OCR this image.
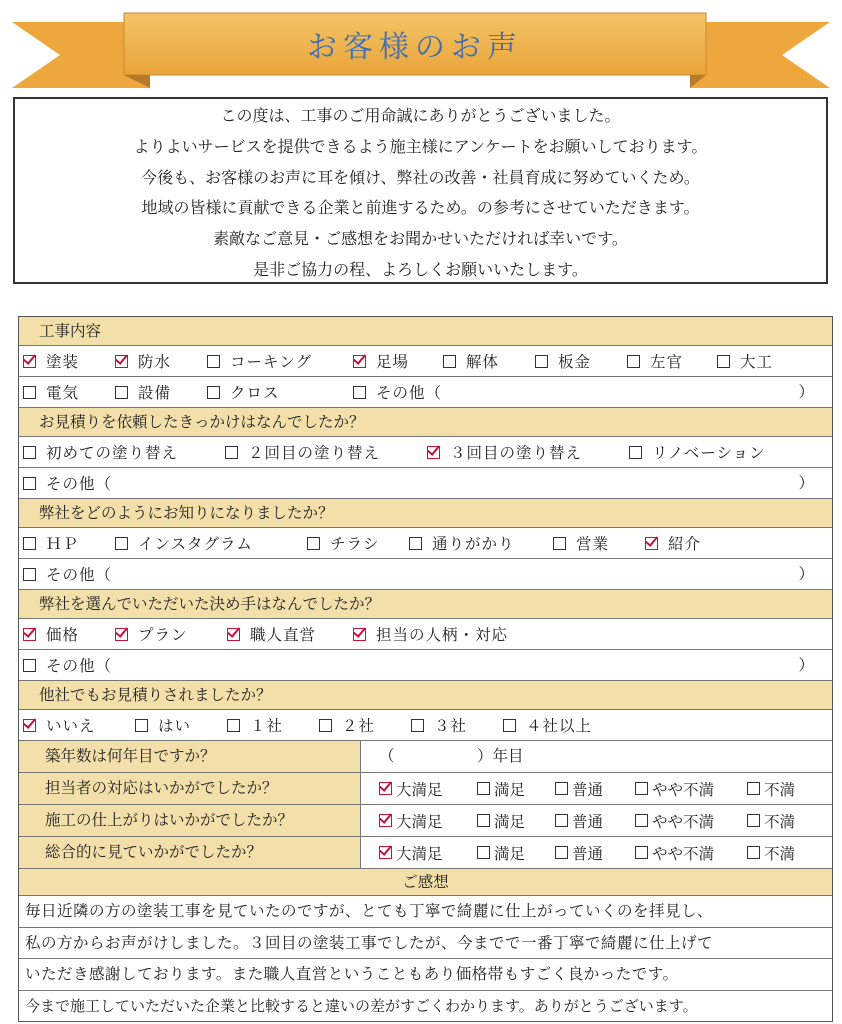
お客様のお声
この度は、工事のご用命誠にありがとうございました。
よりよいサービスを提供できるよう施主様にアンケートをお願いしております。
今後も、お客様のお声に耳を傾け、弊社の改善・社員育成に努めていくため。
地域の皆様に貢献できる企業と前進するため。の参考にさせていただきます。
素敵なご意見・ご感想をお聞かせいただければ幸いです。
是非ご協力の程、よろしくお願いいたします。
工事内容
塗装	防水	コーキング	足場	解体	板金	左官	大工
電気	設備	クロス	その他（	）
お見積りを依頼したきっかけはなんでしたか？
初めての塗り替え	２回目の塗り替え	３回目の塗り替え	リノベーション
その他（	）
弊社をどのようにお知りになりましたか？
ＨＰ	インスタグラム	チラシ	通りがかり	営業	紹介
その他（	）
弊社を選んでいただいた決め手はなんでしたか？
価格	プラン	職人直営	担当の人柄・対応
その他（	）
他社でもお見積りされましたか？
いいえ	はい	１社	２社	３社	４社以上
築年数は何年目ですか？	（	）年目
担当者の対応はいかがでしたか？	大満足	満足	普通	やや不満	不満
施工の仕上がりはいかがでしたか？	大満足	満足	普通	やや不満	不満
総合的に見ていかがでしたか？	大満足	満足	普通	やや不満	不満
ご感想
毎日近隣の方の塗装工事を見ていたのですが、とても丁寧で綺麗に仕上がっていくのを拝見し、
私の方からお声がけしました。３回目の塗装工事でしたが、今までで一番丁寧で綺麗に仕上げて
いただき感謝しております。また職人直営ということもあり価格帯もすごく良かったです。
今まで施工していただいた企業と比較すると違いの差がすごくわかります。ありがとうございます。
